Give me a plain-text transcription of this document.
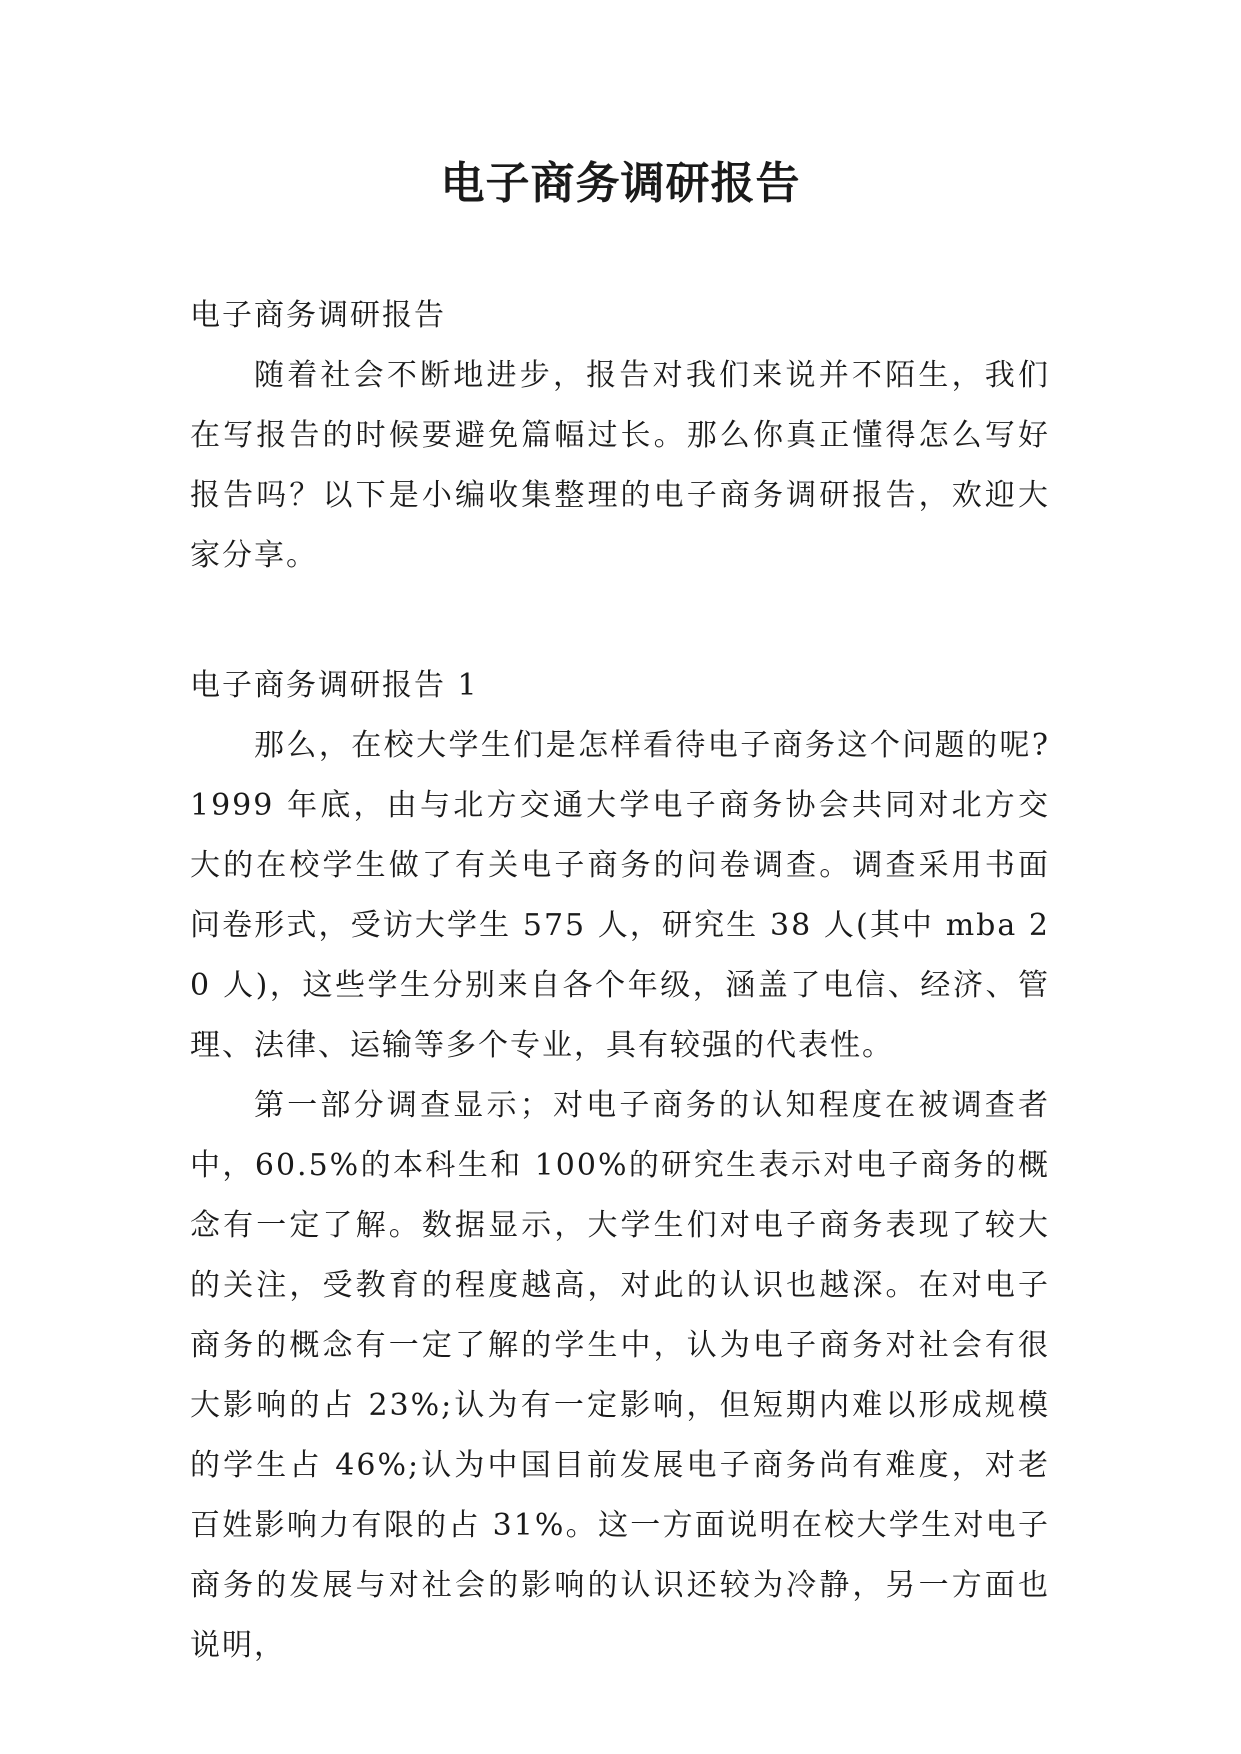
电子商务调研报告

电子商务调研报告

随着社会不断地进步，报告对我们来说并不陌生，我们在写报告的时候要避免篇幅过长。那么你真正懂得怎么写好报告吗？以下是小编收集整理的电子商务调研报告，欢迎大家分享。

电子商务调研报告 1

那么，在校大学生们是怎样看待电子商务这个问题的呢?1999 年底，由与北方交通大学电子商务协会共同对北方交大的在校学生做了有关电子商务的问卷调查。调查采用书面问卷形式，受访大学生 575 人，研究生 38 人(其中 mba 20 人)，这些学生分别来自各个年级，涵盖了电信、经济、管理、法律、运输等多个专业，具有较强的代表性。

第一部分调查显示；对电子商务的认知程度在被调查者中，60.5%的本科生和 100%的研究生表示对电子商务的概念有一定了解。数据显示，大学生们对电子商务表现了较大的关注，受教育的程度越高，对此的认识也越深。在对电子商务的概念有一定了解的学生中，认为电子商务对社会有很大影响的占 23%;认为有一定影响，但短期内难以形成规模的学生占 46%;认为中国目前发展电子商务尚有难度，对老百姓影响力有限的占 31%。这一方面说明在校大学生对电子商务的发展与对社会的影响的认识还较为冷静，另一方面也说明，
